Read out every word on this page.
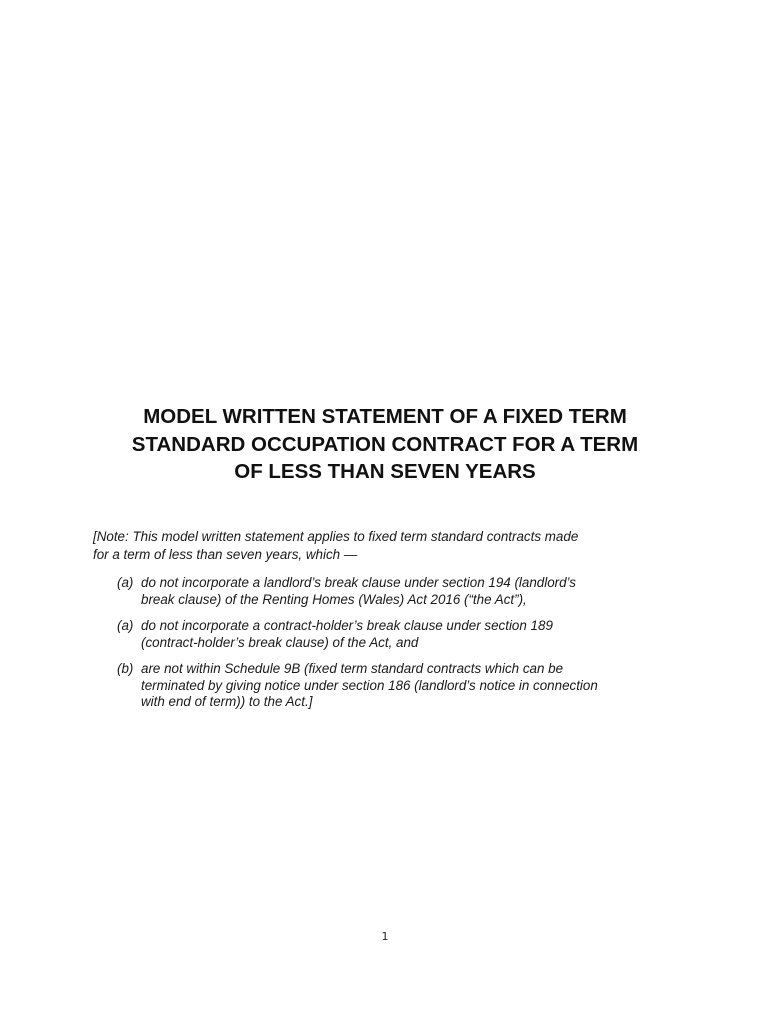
MODEL WRITTEN STATEMENT OF A FIXED TERM
STANDARD OCCUPATION CONTRACT FOR A TERM
OF LESS THAN SEVEN YEARS
[Note: This model written statement applies to fixed term standard contracts made
for a term of less than seven years, which —
(a) do not incorporate a landlord’s break clause under section 194 (landlord’s
break clause) of the Renting Homes (Wales) Act 2016 (“the Act”),
(a) do not incorporate a contract-holder’s break clause under section 189
(contract-holder’s break clause) of the Act, and
(b) are not within Schedule 9B (fixed term standard contracts which can be
terminated by giving notice under section 186 (landlord’s notice in connection
with end of term)) to the Act.]
1
